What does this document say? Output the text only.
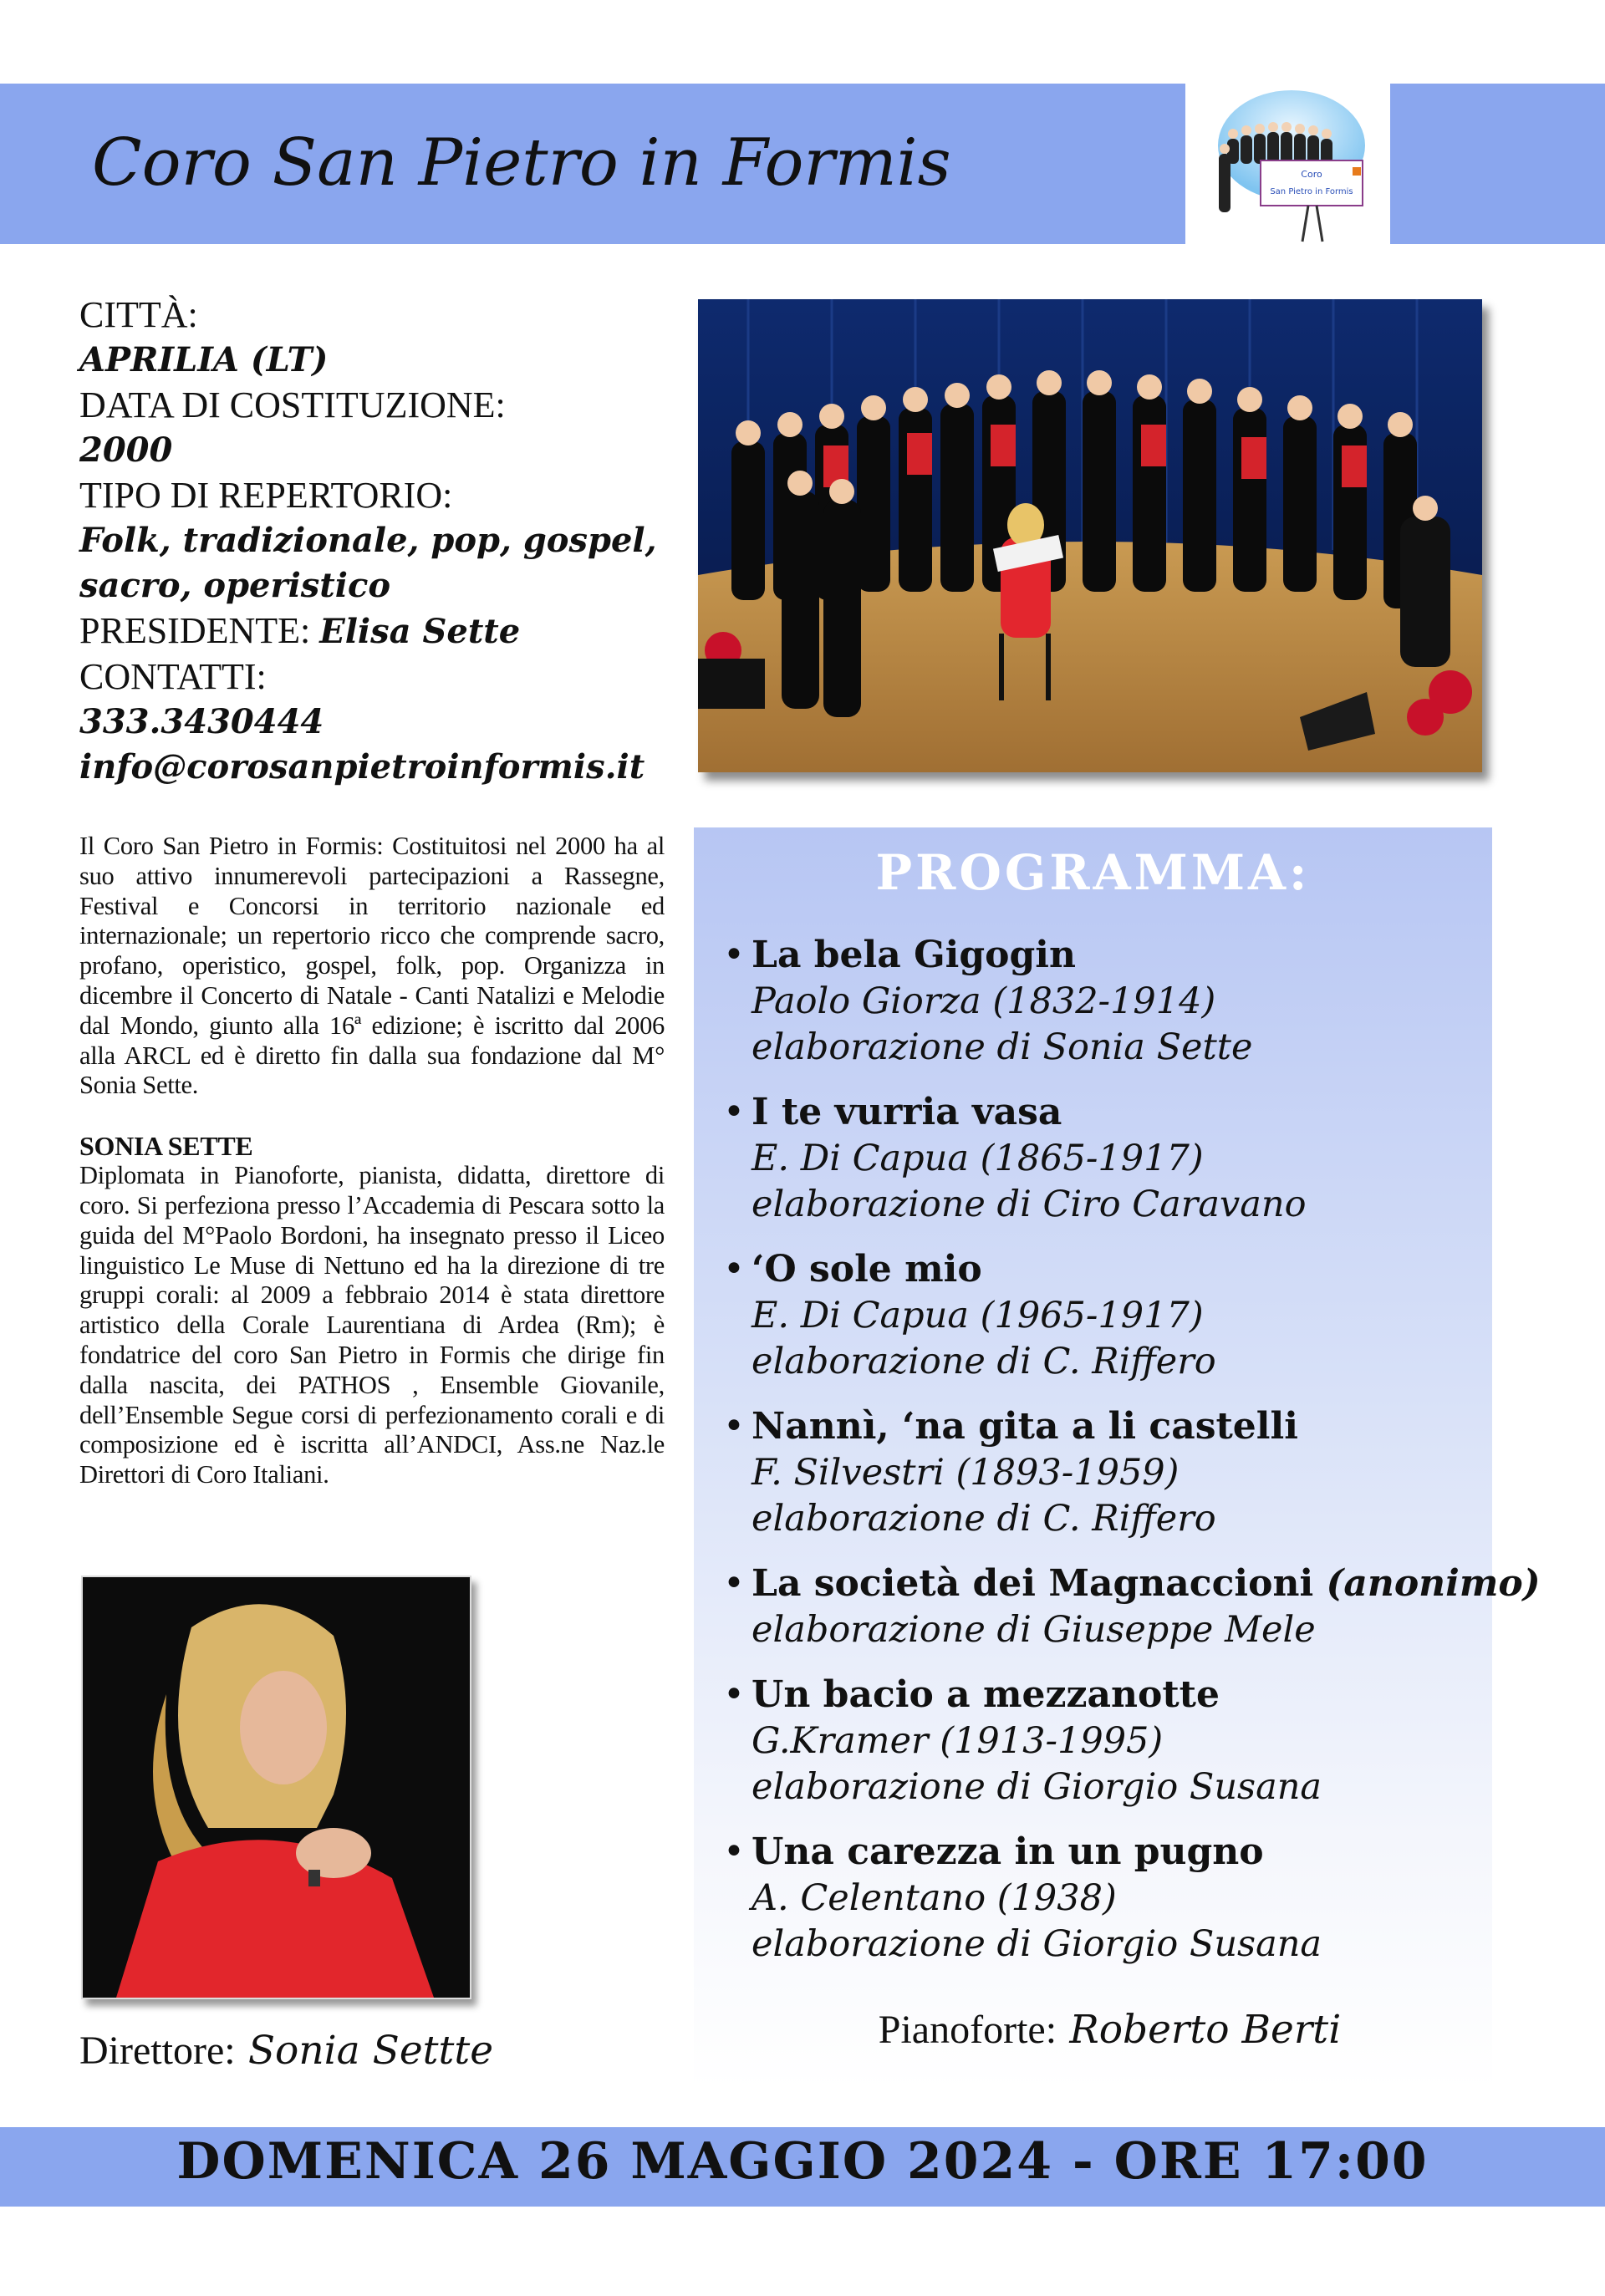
Coro San Pietro in Formis	Coro
San Pietro in Formis
CITTÀ:
APRILIA (LT)
DATA DI COSTITUZIONE:
2000
TIPO DI REPERTORIO:
Folk, tradizionale, pop, gospel,
sacro, operistico
PRESIDENTE: Elisa Sette
CONTATTI:
333.3430444
info@corosanpietroinformis.it

Il Coro San Pietro in Formis: Costituitosi nel 2000 ha al suo attivo innumerevoli partecipazioni a Rassegne, Festival e Concorsi in territorio nazionale ed internazionale; un repertorio ricco che comprende sacro, profano, operistico, gospel, folk, pop. Organizza in dicembre il Concerto di Natale - Canti Natalizi e Melodie dal Mondo, giunto alla 16ª edizione; è iscritto dal 2006 alla ARCL ed è diretto fin dalla sua fondazione dal M° Sonia Sette.

SONIA SETTE

Diplomata in Pianoforte, pianista, didatta, direttore di coro. Si perfeziona presso l’Accademia di Pescara sotto la guida del M°Paolo Bordoni, ha insegnato presso il Liceo linguistico Le Muse di Nettuno ed ha la direzione di tre gruppi corali: al 2009 a febbraio 2014 è stata direttore artistico della Corale Laurentiana di Ardea (Rm); è fondatrice del coro San Pietro in Formis che dirige fin dalla nascita, dei PATHOS , Ensemble Giovanile, dell’Ensemble Segue corsi di perfezionamento corali e di composizione ed è iscritta all’ANDCI, Ass.ne Naz.le Direttori di Coro Italiani.

Direttore: Sonia Settte
PROGRAMMA:
• La bela Gigogin
Paolo Giorza (1832-1914)
elaborazione di Sonia Sette
• I te vurria vasa
E. Di Capua (1865-1917)
elaborazione di Ciro Caravano
• ‘O sole mio
E. Di Capua (1965-1917)
elaborazione di C. Riffero
• Nannì, ‘na gita a li castelli
F. Silvestri (1893-1959)
elaborazione di C. Riffero
• La società dei Magnaccioni (anonimo)
elaborazione di Giuseppe Mele
• Un bacio a mezzanotte
G.Kramer (1913-1995)
elaborazione di Giorgio Susana
• Una carezza in un pugno
A. Celentano (1938)
elaborazione di Giorgio Susana
Pianoforte: Roberto Berti
DOMENICA 26 MAGGIO 2024 - ORE 17:00
